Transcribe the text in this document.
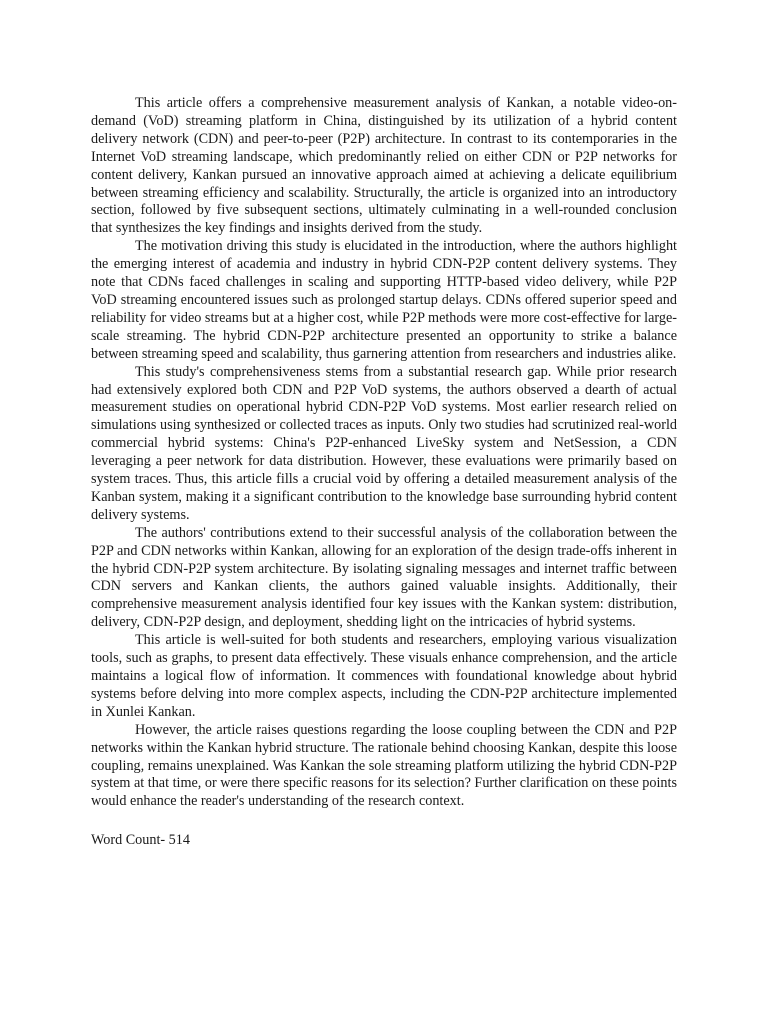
This article offers a comprehensive measurement analysis of Kankan, a notable video-on-demand (VoD) streaming platform in China, distinguished by its utilization of a hybrid content delivery network (CDN) and peer-to-peer (P2P) architecture. In contrast to its contemporaries in the Internet VoD streaming landscape, which predominantly relied on either CDN or P2P networks for content delivery, Kankan pursued an innovative approach aimed at achieving a delicate equilibrium between streaming efficiency and scalability. Structurally, the article is organized into an introductory section, followed by five subsequent sections, ultimately culminating in a well-rounded conclusion that synthesizes the key findings and insights derived from the study.

The motivation driving this study is elucidated in the introduction, where the authors highlight the emerging interest of academia and industry in hybrid CDN-P2P content delivery systems. They note that CDNs faced challenges in scaling and supporting HTTP-based video delivery, while P2P VoD streaming encountered issues such as prolonged startup delays. CDNs offered superior speed and reliability for video streams but at a higher cost, while P2P methods were more cost-effective for large-scale streaming. The hybrid CDN-P2P architecture presented an opportunity to strike a balance between streaming speed and scalability, thus garnering attention from researchers and industries alike.

This study's comprehensiveness stems from a substantial research gap. While prior research had extensively explored both CDN and P2P VoD systems, the authors observed a dearth of actual measurement studies on operational hybrid CDN-P2P VoD systems. Most earlier research relied on simulations using synthesized or collected traces as inputs. Only two studies had scrutinized real-world commercial hybrid systems: China's P2P-enhanced LiveSky system and NetSession, a CDN leveraging a peer network for data distribution. However, these evaluations were primarily based on system traces. Thus, this article fills a crucial void by offering a detailed measurement analysis of the Kanban system, making it a significant contribution to the knowledge base surrounding hybrid content delivery systems.

The authors' contributions extend to their successful analysis of the collaboration between the P2P and CDN networks within Kankan, allowing for an exploration of the design trade-offs inherent in the hybrid CDN-P2P system architecture. By isolating signaling messages and internet traffic between CDN servers and Kankan clients, the authors gained valuable insights. Additionally, their comprehensive measurement analysis identified four key issues with the Kankan system: distribution, delivery, CDN-P2P design, and deployment, shedding light on the intricacies of hybrid systems.

This article is well-suited for both students and researchers, employing various visualization tools, such as graphs, to present data effectively. These visuals enhance comprehension, and the article maintains a logical flow of information. It commences with foundational knowledge about hybrid systems before delving into more complex aspects, including the CDN-P2P architecture implemented in Xunlei Kankan.

However, the article raises questions regarding the loose coupling between the CDN and P2P networks within the Kankan hybrid structure. The rationale behind choosing Kankan, despite this loose coupling, remains unexplained. Was Kankan the sole streaming platform utilizing the hybrid CDN-P2P system at that time, or were there specific reasons for its selection? Further clarification on these points would enhance the reader's understanding of the research context.

Word Count- 514
